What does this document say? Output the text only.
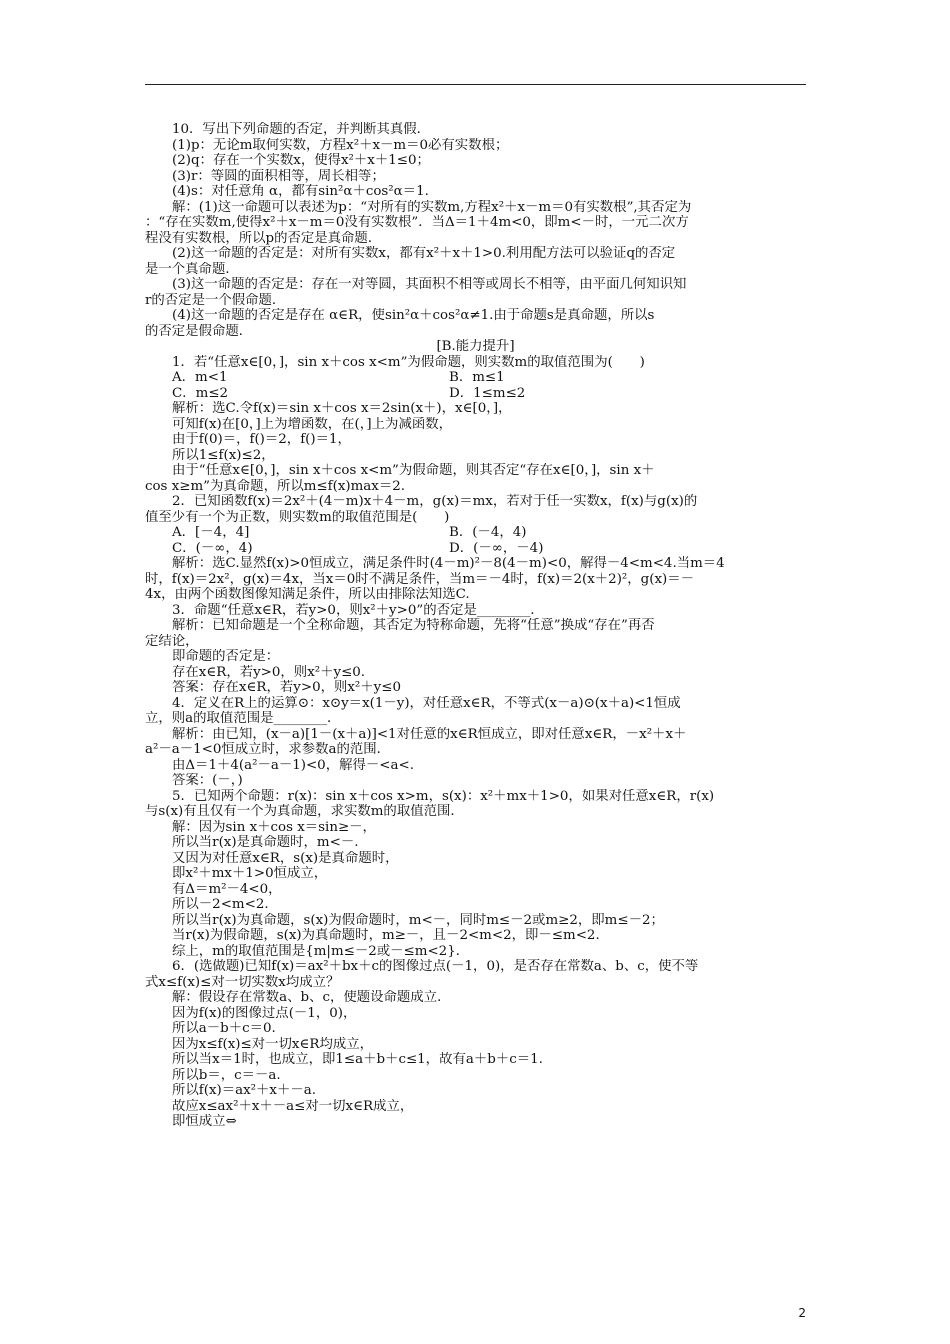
10．写出下列命题的否定，并判断其真假．
(1)p：无论m取何实数，方程x²＋x－m＝0必有实数根；
(2)q：存在一个实数x，使得x²＋x＋1≤0；
(3)r：等圆的面积相等，周长相等；
(4)s：对任意角 α，都有sin²α＋cos²α＝1.
解：(1)这一命题可以表述为p：“对所有的实数m,方程x²＋x－m＝0有实数根”,其否定为
：“存在实数m,使得x²＋x－m＝0没有实数根”．当Δ＝1＋4m<0，即m<－时，一元二次方
程没有实数根，所以p的否定是真命题．
(2)这一命题的否定是：对所有实数x，都有x²＋x＋1>0.利用配方法可以验证q的否定
是一个真命题．
(3)这一命题的否定是：存在一对等圆，其面积不相等或周长不相等，由平面几何知识知
r的否定是一个假命题．
(4)这一命题的否定是存在 α∈R，使sin²α＋cos²α≠1.由于命题s是真命题，所以s
的否定是假命题．
[B.能力提升]
1．若“任意x∈[0，]，sin x＋cos x<m”为假命题，则实数m的取值范围为(　　)
A．m<1	B．m≤1
C．m≤2	D．1≤m≤2
解析：选C.令f(x)＝sin x＋cos x＝2sin(x＋)，x∈[0，]，
可知f(x)在[0，]上为增函数，在(，]上为减函数，
由于f(0)＝，f()＝2，f()＝1，
所以1≤f(x)≤2，
由于“任意x∈[0，]，sin x＋cos x<m”为假命题，则其否定“存在x∈[0，]，sin x＋
cos x≥m”为真命题，所以m≤f(x)max＝2.
2．已知函数f(x)＝2x²＋(4－m)x＋4－m，g(x)＝mx，若对于任一实数x，f(x)与g(x)的
值至少有一个为正数，则实数m的取值范围是(　　)
A．[－4，4]	B．(－4，4)
C．(－∞，4)	D．(－∞，－4)
解析：选C.显然f(x)>0恒成立，满足条件时(4－m)²－8(4－m)<0，解得－4<m<4.当m＝4
时，f(x)＝2x²，g(x)＝4x，当x＝0时不满足条件，当m＝－4时，f(x)＝2(x＋2)²，g(x)＝－
4x，由两个函数图像知满足条件，所以由排除法知选C.
3．命题“任意x∈R，若y>0，则x²＋y>0”的否定是________．
解析：已知命题是一个全称命题，其否定为特称命题，先将“任意”换成“存在”再否
定结论，
即命题的否定是：
存在x∈R，若y>0，则x²＋y≤0.
答案：存在x∈R，若y>0，则x²＋y≤0
4．定义在R上的运算⊙：x⊙y＝x(1－y)，对任意x∈R，不等式(x－a)⊙(x＋a)<1恒成
立，则a的取值范围是________．
解析：由已知，(x－a)[1－(x＋a)]<1对任意的x∈R恒成立，即对任意x∈R，－x²＋x＋
a²－a－1<0恒成立时，求参数a的范围．
由Δ＝1＋4(a²－a－1)<0，解得－<a<.
答案：(－，)
5．已知两个命题：r(x)：sin x＋cos x>m，s(x)：x²＋mx＋1>0，如果对任意x∈R，r(x)
与s(x)有且仅有一个为真命题，求实数m的取值范围．
解：因为sin x＋cos x＝sin≥－，
所以当r(x)是真命题时，m<－.
又因为对任意x∈R，s(x)是真命题时，
即x²＋mx＋1>0恒成立，
有Δ＝m²－4<0，
所以－2<m<2.
所以当r(x)为真命题，s(x)为假命题时，m<－，同时m≤－2或m≥2，即m≤－2；
当r(x)为假命题，s(x)为真命题时，m≥－，且－2<m<2，即－≤m<2.
综上，m的取值范围是{m|m≤－2或－≤m<2}．
6．(选做题)已知f(x)＝ax²＋bx＋c的图像过点(－1，0)，是否存在常数a、b、c，使不等
式x≤f(x)≤对一切实数x均成立？
解：假设存在常数a、b、c，使题设命题成立．
因为f(x)的图像过点(－1，0)，
所以a－b＋c＝0.
因为x≤f(x)≤对一切x∈R均成立，
所以当x＝1时，也成立，即1≤a＋b＋c≤1，故有a＋b＋c＝1.
所以b＝，c＝－a.
所以f(x)＝ax²＋x＋－a.
故应x≤ax²＋x＋－a≤对一切x∈R成立，
即恒成立⇔
2
